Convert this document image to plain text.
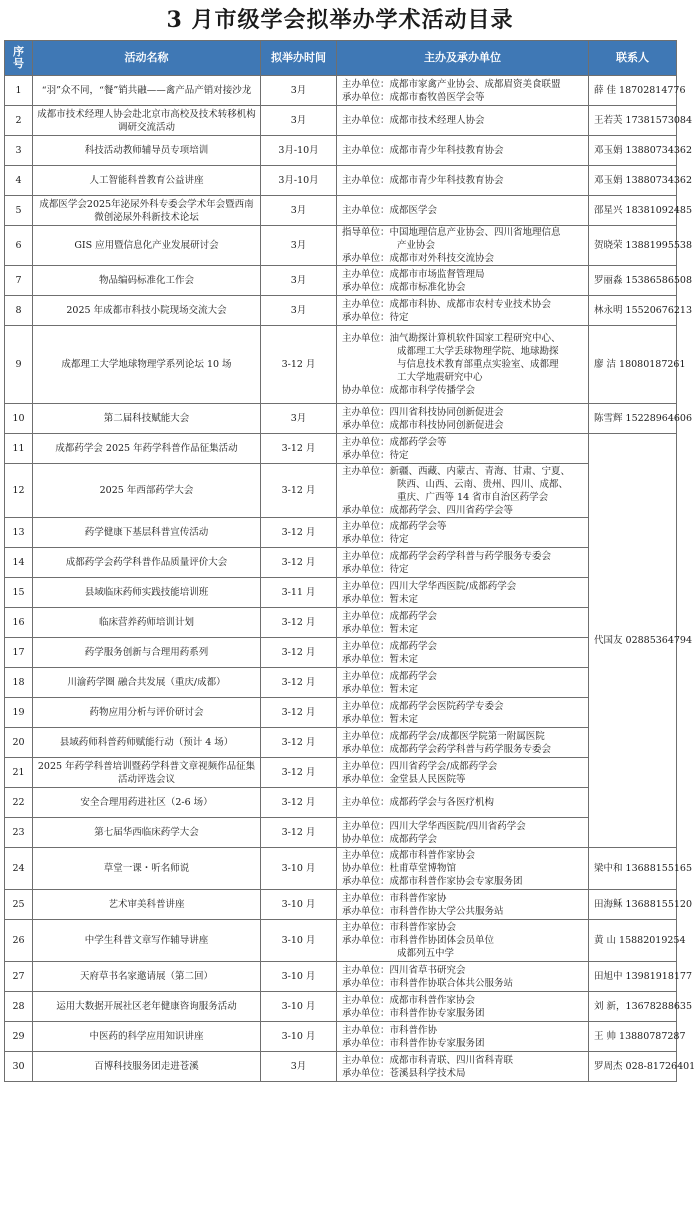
3 月市级学会拟举办学术活动目录
序号	活动名称	拟举办时间	主办及承办单位	联系人
1	“羽”众不同，“餐”销共融——禽产品产销对接沙龙	3月	主办单位：成都市家禽产业协会、成都眉资美食联盟
承办单位：成都市畜牧兽医学会等	薛 佳 18702814776
2	成都市技术经理人协会赴北京市高校及技术转移机构调研交流活动	3月	主办单位：成都市技术经理人协会	王若芙 17381573084
3	科技活动教师辅导员专项培训	3月-10月	主办单位：成都市青少年科技教育协会	邓玉娟 13880734362
4	人工智能科普教育公益讲座	3月-10月	主办单位：成都市青少年科技教育协会	邓玉娟 13880734362
5	成都医学会2025年泌尿外科专委会学术年会暨西南微创泌尿外科新技术论坛	3月	主办单位：成都医学会	邵星兴 18381092485
6	GIS 应用暨信息化产业发展研讨会	3月	指导单位：中国地理信息产业协会、四川省地理信息
产业协会
承办单位：成都市对外科技交流协会	贺晓荣 13881995538
7	物品编码标准化工作会	3月	主办单位：成都市市场监督管理局
承办单位：成都市标准化协会	罗丽淼 15386586508
8	2025 年成都市科技小院现场交流大会	3月	主办单位：成都市科协、成都市农村专业技术协会
承办单位：待定	林永明 15520676213
9	成都理工大学地球物理学系列论坛 10 场	3-12 月	主办单位：油气勘探计算机软件国家工程研究中心、
成都理工大学丢球物理学院、地球勘探
与信息技术教育部重点实验室、成都理
工大学地震研究中心
协办单位：成都市科学传播学会	廖 洁 18080187261
10	第二届科技赋能大会	3月	主办单位：四川省科技协同创新促进会
承办单位：成都市科技协同创新促进会	陈雪辉 15228964606
11	成都药学会 2025 年药学科普作品征集活动	3-12 月	主办单位：成都药学会等
承办单位：待定	代国友 02885364794
12	2025 年西部药学大会	3-12 月	主办单位：新疆、西藏、内蒙古、青海、甘肃、宁夏、
陕西、山西、云南、贵州、四川、成都、
重庆、广西等 14 省市自治区药学会
承办单位：成都药学会、四川省药学会等	

13	药学健康下基层科普宣传活动	3-12 月	主办单位：成都药学会等
承办单位：待定	

14	成都药学会药学科普作品质量评价大会	3-12 月	主办单位：成都药学会药学科普与药学服务专委会
承办单位：待定	

15	县域临床药师实践技能培训班	3-11 月	主办单位：四川大学华西医院/成都药学会
承办单位：暂未定	

16	临床营养药师培训计划	3-12 月	主办单位：成都药学会
承办单位：暂未定	

17	药学服务创新与合理用药系列	3-12 月	主办单位：成都药学会
承办单位：暂未定	

18	川渝药学圈 融合共发展（重庆/成都）	3-12 月	主办单位：成都药学会
承办单位：暂未定	

19	药物应用分析与评价研讨会	3-12 月	主办单位：成都药学会医院药学专委会
承办单位：暂未定	

20	县域药师科普药师赋能行动（预计 4 场）	3-12 月	主办单位：成都药学会/成都医学院第一附属医院
承办单位：成都药学会药学科普与药学服务专委会	

21	2025 年药学科普培训暨药学科普文章视频作品征集活动评选会议	3-12 月	主办单位：四川省药学会/成都药学会
承办单位：金堂县人民医院等	

22	安全合理用药进社区（2-6 场）	3-12 月	主办单位：成都药学会与各医疗机构	

23	第七届华西临床药学大会	3-12 月	主办单位：四川大学华西医院/四川省药学会
协办单位：成都药学会	

24	草堂一课・听名师说	3-10 月	主办单位：成都市科普作家协会
协办单位：杜甫草堂博物馆
承办单位：成都市科普作家协会专家服务团	梁中和 13688155165
25	艺术审美科普讲座	3-10 月	主办单位：市科普作家协
承办单位：市科普作协大学公共服务站	田海稣 13688155120
26	中学生科普文章写作辅导讲座	3-10 月	主办单位：市科普作家协会
承办单位：市科普作协团体会员单位
成都列五中学	黄 山 15882019254
27	天府草书名家邀请展（第二回）	3-10 月	主办单位：四川省草书研究会
承办单位：市科普作协联合体共公服务站	田旭中 13981918177
28	运用大数据开展社区老年健康咨询服务活动	3-10 月	主办单位：成都市科普作家协会
承办单位：市科普作协专家服务团	刘 新，13678288635
29	中医药的科学应用知识讲座	3-10 月	主办单位：市科普作协
承办单位：市科普作协专家服务团	王 帅 13880787287
30	百博科技服务团走进苍溪	3月	主办单位：成都市科青联、四川省科青联
承办单位：苍溪县科学技术局	罗周杰 028-81726401
